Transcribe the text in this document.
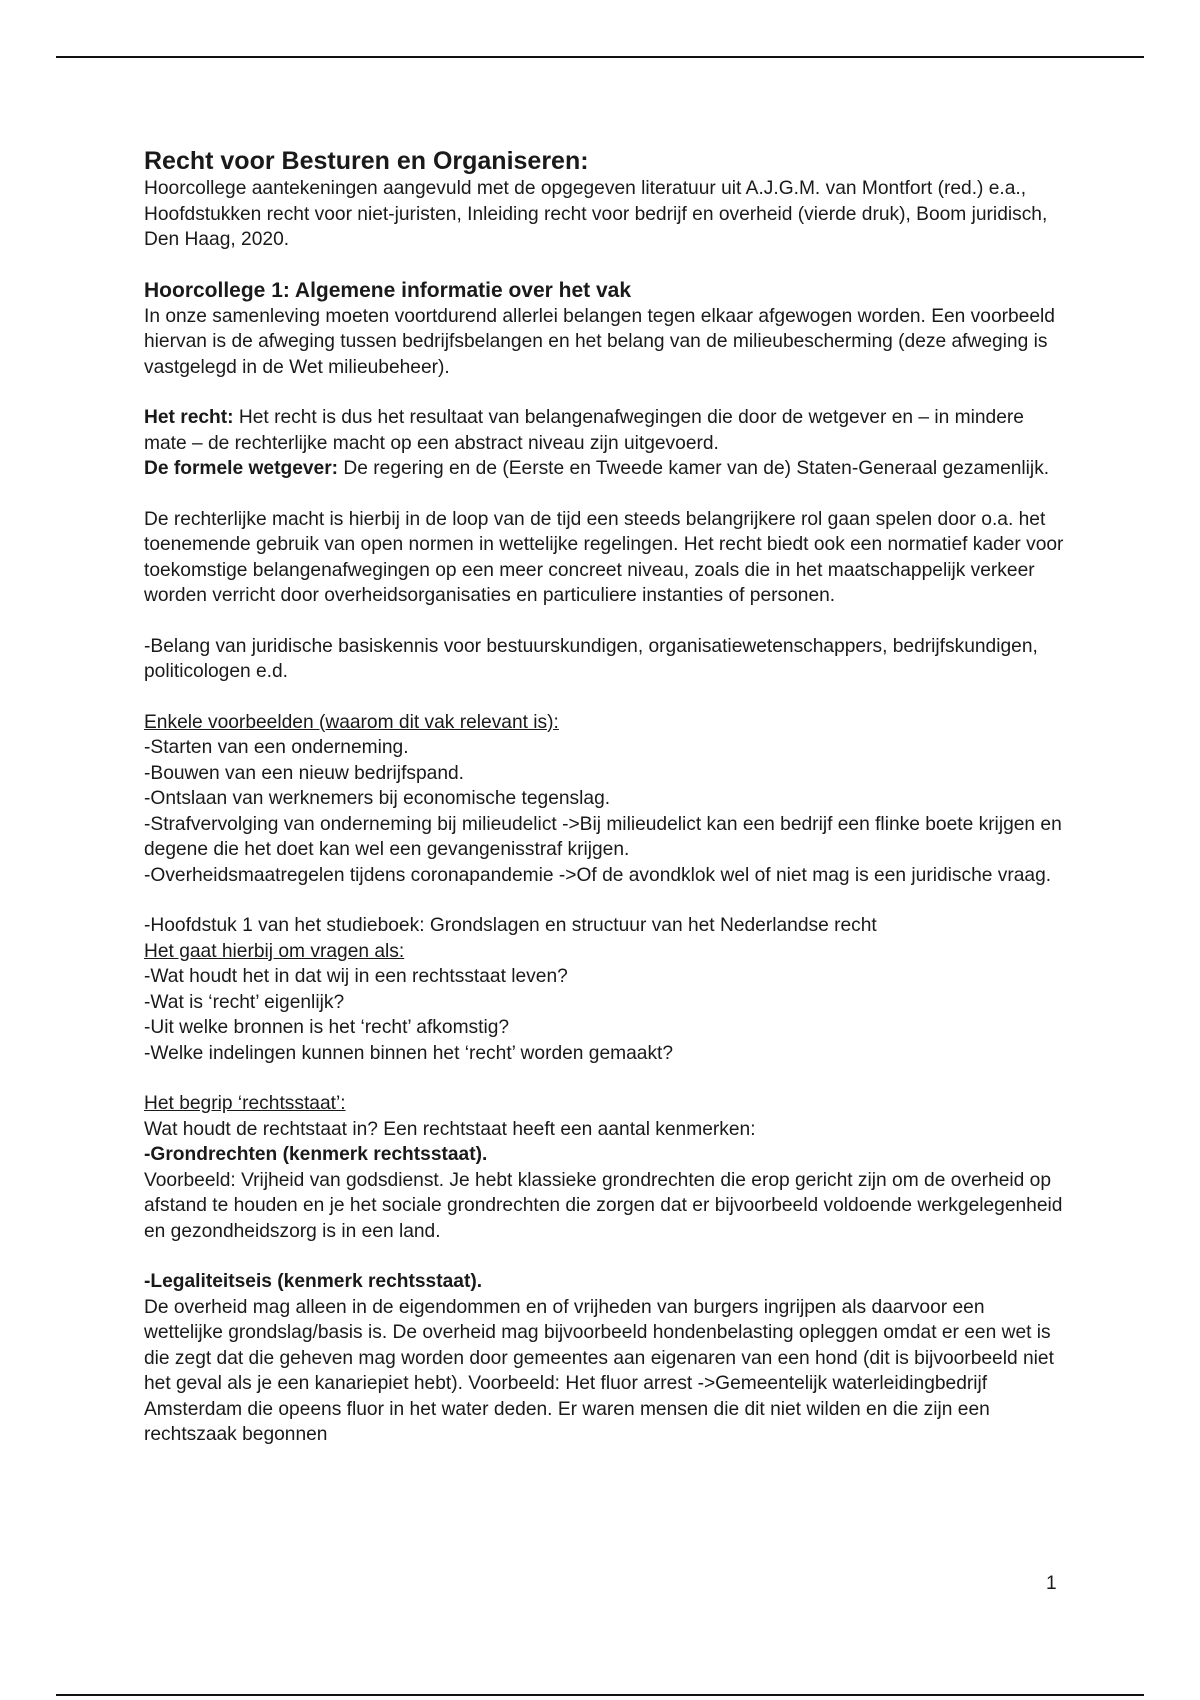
Recht voor Besturen en Organiseren:

Hoorcollege aantekeningen aangevuld met de opgegeven literatuur uit A.J.G.M. van Montfort (red.) e.a., Hoofdstukken recht voor niet-juristen, Inleiding recht voor bedrijf en overheid (vierde druk), Boom juridisch, Den Haag, 2020.

Hoorcollege 1: Algemene informatie over het vak

In onze samenleving moeten voortdurend allerlei belangen tegen elkaar afgewogen worden. Een voorbeeld hiervan is de afweging tussen bedrijfsbelangen en het belang van de milieubescherming (deze afweging is vastgelegd in de Wet milieubeheer).

Het recht: Het recht is dus het resultaat van belangenafwegingen die door de wetgever en – in mindere mate – de rechterlijke macht op een abstract niveau zijn uitgevoerd.

De formele wetgever: De regering en de (Eerste en Tweede kamer van de) Staten-Generaal gezamenlijk.

De rechterlijke macht is hierbij in de loop van de tijd een steeds belangrijkere rol gaan spelen door o.a. het toenemende gebruik van open normen in wettelijke regelingen. Het recht biedt ook een normatief kader voor toekomstige belangenafwegingen op een meer concreet niveau, zoals die in het maatschappelijk verkeer worden verricht door overheidsorganisaties en particuliere instanties of personen.

-Belang van juridische basiskennis voor bestuurskundigen, organisatiewetenschappers, bedrijfskundigen, politicologen e.d.

Enkele voorbeelden (waarom dit vak relevant is):

-Starten van een onderneming.

-Bouwen van een nieuw bedrijfspand.

-Ontslaan van werknemers bij economische tegenslag.

-Strafvervolging van onderneming bij milieudelict ->Bij milieudelict kan een bedrijf een flinke boete krijgen en degene die het doet kan wel een gevangenisstraf krijgen.

-Overheidsmaatregelen tijdens coronapandemie ->Of de avondklok wel of niet mag is een juridische vraag.

-Hoofdstuk 1 van het studieboek: Grondslagen en structuur van het Nederlandse recht

Het gaat hierbij om vragen als:

-Wat houdt het in dat wij in een rechtsstaat leven?

-Wat is ‘recht’ eigenlijk?

-Uit welke bronnen is het ‘recht’ afkomstig?

-Welke indelingen kunnen binnen het ‘recht’ worden gemaakt?

Het begrip ‘rechtsstaat’:

Wat houdt de rechtstaat in? Een rechtstaat heeft een aantal kenmerken:

-Grondrechten (kenmerk rechtsstaat).

Voorbeeld: Vrijheid van godsdienst. Je hebt klassieke grondrechten die erop gericht zijn om de overheid op afstand te houden en je het sociale grondrechten die zorgen dat er bijvoorbeeld voldoende werkgelegenheid en gezondheidszorg is in een land.

-Legaliteitseis (kenmerk rechtsstaat).

De overheid mag alleen in de eigendommen en of vrijheden van burgers ingrijpen als daarvoor een wettelijke grondslag/basis is. De overheid mag bijvoorbeeld hondenbelasting opleggen omdat er een wet is die zegt dat die geheven mag worden door gemeentes aan eigenaren van een hond (dit is bijvoorbeeld niet het geval als je een kanariepiet hebt). Voorbeeld: Het fluor arrest ->Gemeentelijk waterleidingbedrijf Amsterdam die opeens fluor in het water deden. Er waren mensen die dit niet wilden en die zijn een rechtszaak begonnen

1
